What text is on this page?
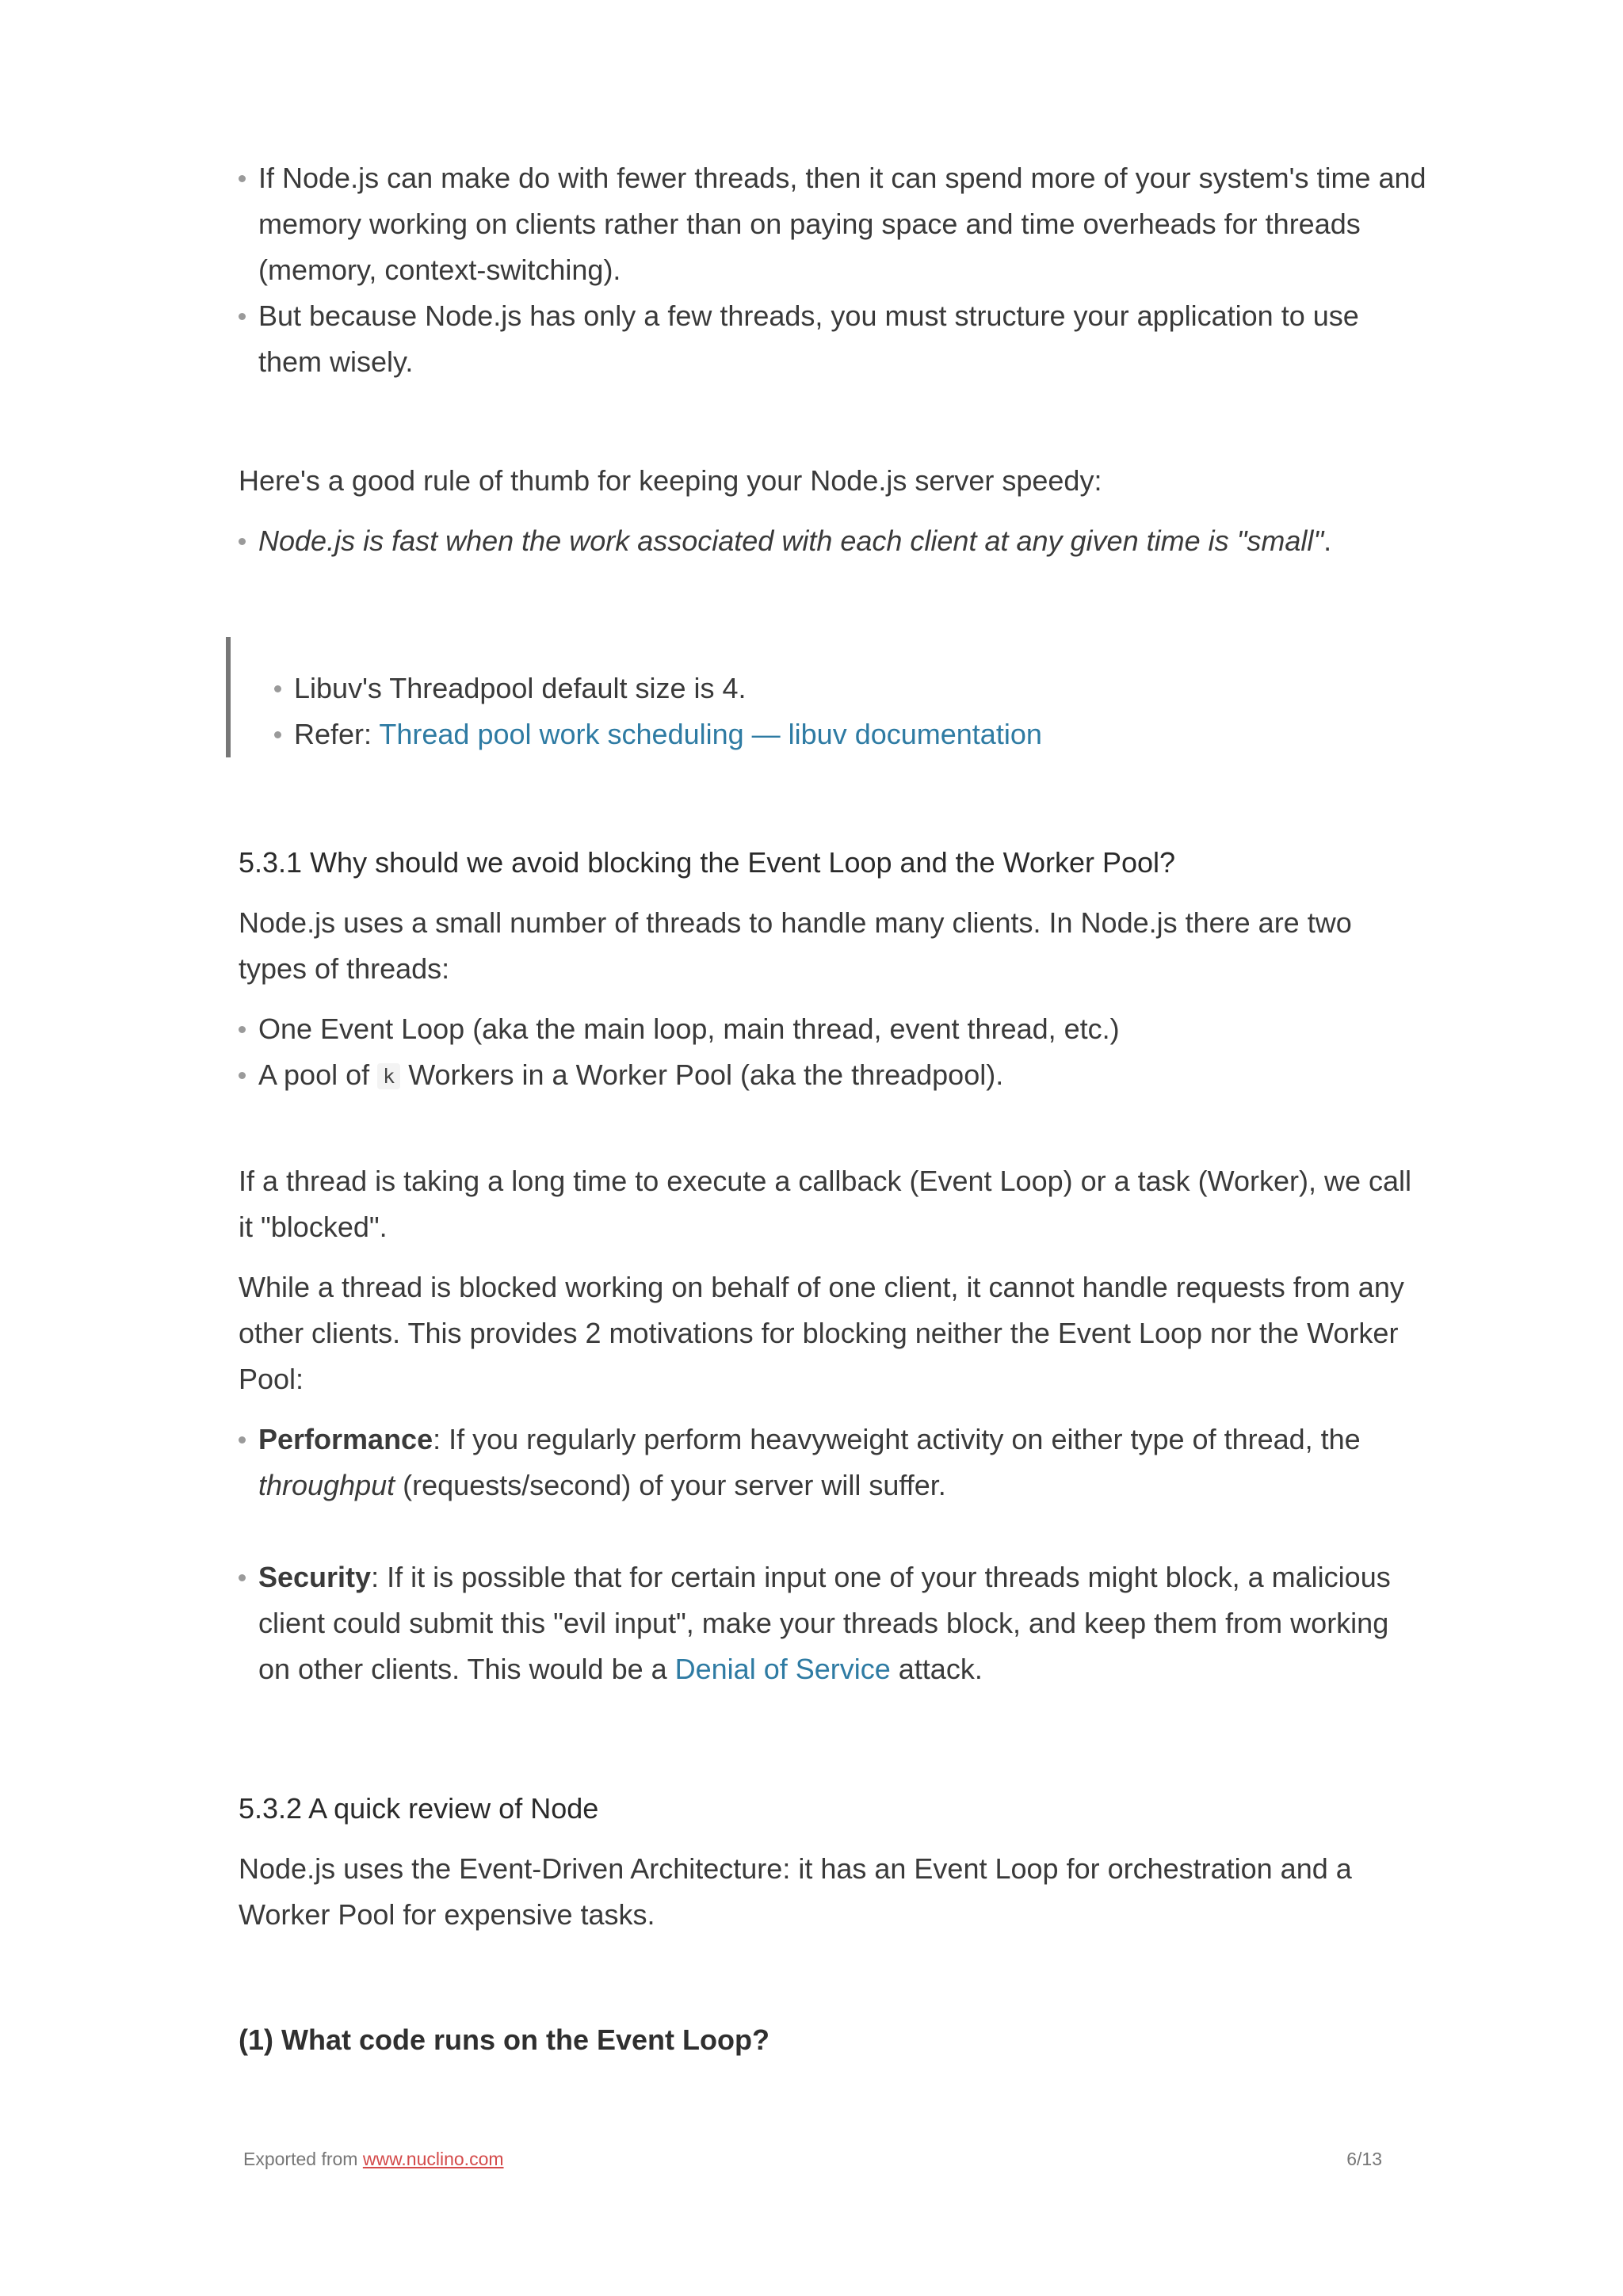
If Node.js can make do with fewer threads, then it can spend more of your system's time and memory working on clients rather than on paying space and time overheads for threads (memory, context-switching).
But because Node.js has only a few threads, you must structure your application to use them wisely.

Here's a good rule of thumb for keeping your Node.js server speedy:

Node.js is fast when the work associated with each client at any given time is "small".
Libuv's Threadpool default size is 4.
Refer: Thread pool work scheduling — libuv documentation

5.3.1 Why should we avoid blocking the Event Loop and the Worker Pool?

Node.js uses a small number of threads to handle many clients. In Node.js there are two types of threads:

One Event Loop (aka the main loop, main thread, event thread, etc.)
A pool of k Workers in a Worker Pool (aka the threadpool).

If a thread is taking a long time to execute a callback (Event Loop) or a task (Worker), we call it "blocked".

While a thread is blocked working on behalf of one client, it cannot handle requests from any other clients. This provides 2 motivations for blocking neither the Event Loop nor the Worker Pool:

Performance: If you regularly perform heavyweight activity on either type of thread, the throughput (requests/second) of your server will suffer.
Security: If it is possible that for certain input one of your threads might block, a malicious client could submit this "evil input", make your threads block, and keep them from working on other clients. This would be a Denial of Service attack.

5.3.2 A quick review of Node

Node.js uses the Event-Driven Architecture: it has an Event Loop for orchestration and a Worker Pool for expensive tasks.

(1) What code runs on the Event Loop?

Exported from www.nuclino.com	6/13
